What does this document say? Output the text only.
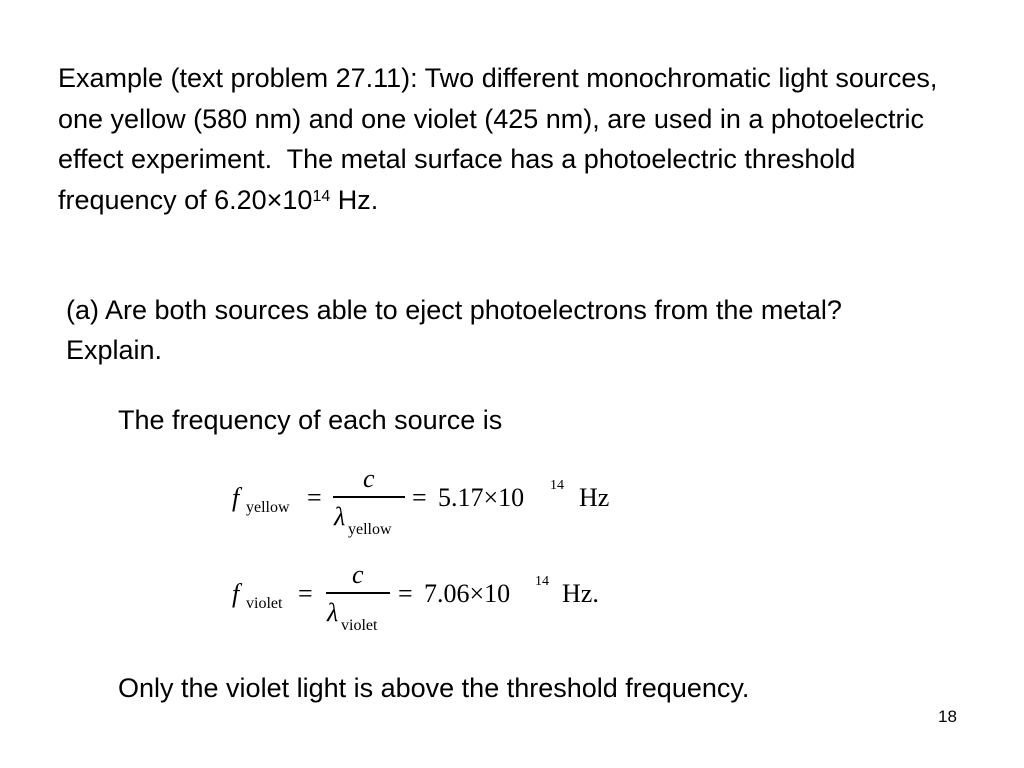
Example (text problem 27.11): Two different monochromatic light sources, one yellow (580 nm) and one violet (425 nm), are used in a photoelectric effect experiment.  The metal surface has a photoelectric threshold frequency of $6.20\times 10^{14}$ Hz.

(a) Are both sources able to eject photoelectrons from the metal?  Explain.

The frequency of each source is

f yellow =
c
λ yellow
= 5.17×10 14 Hz
f violet =
c
λ violet
= 7.06×10 14 Hz.

Only the violet light is above the threshold frequency.

18
